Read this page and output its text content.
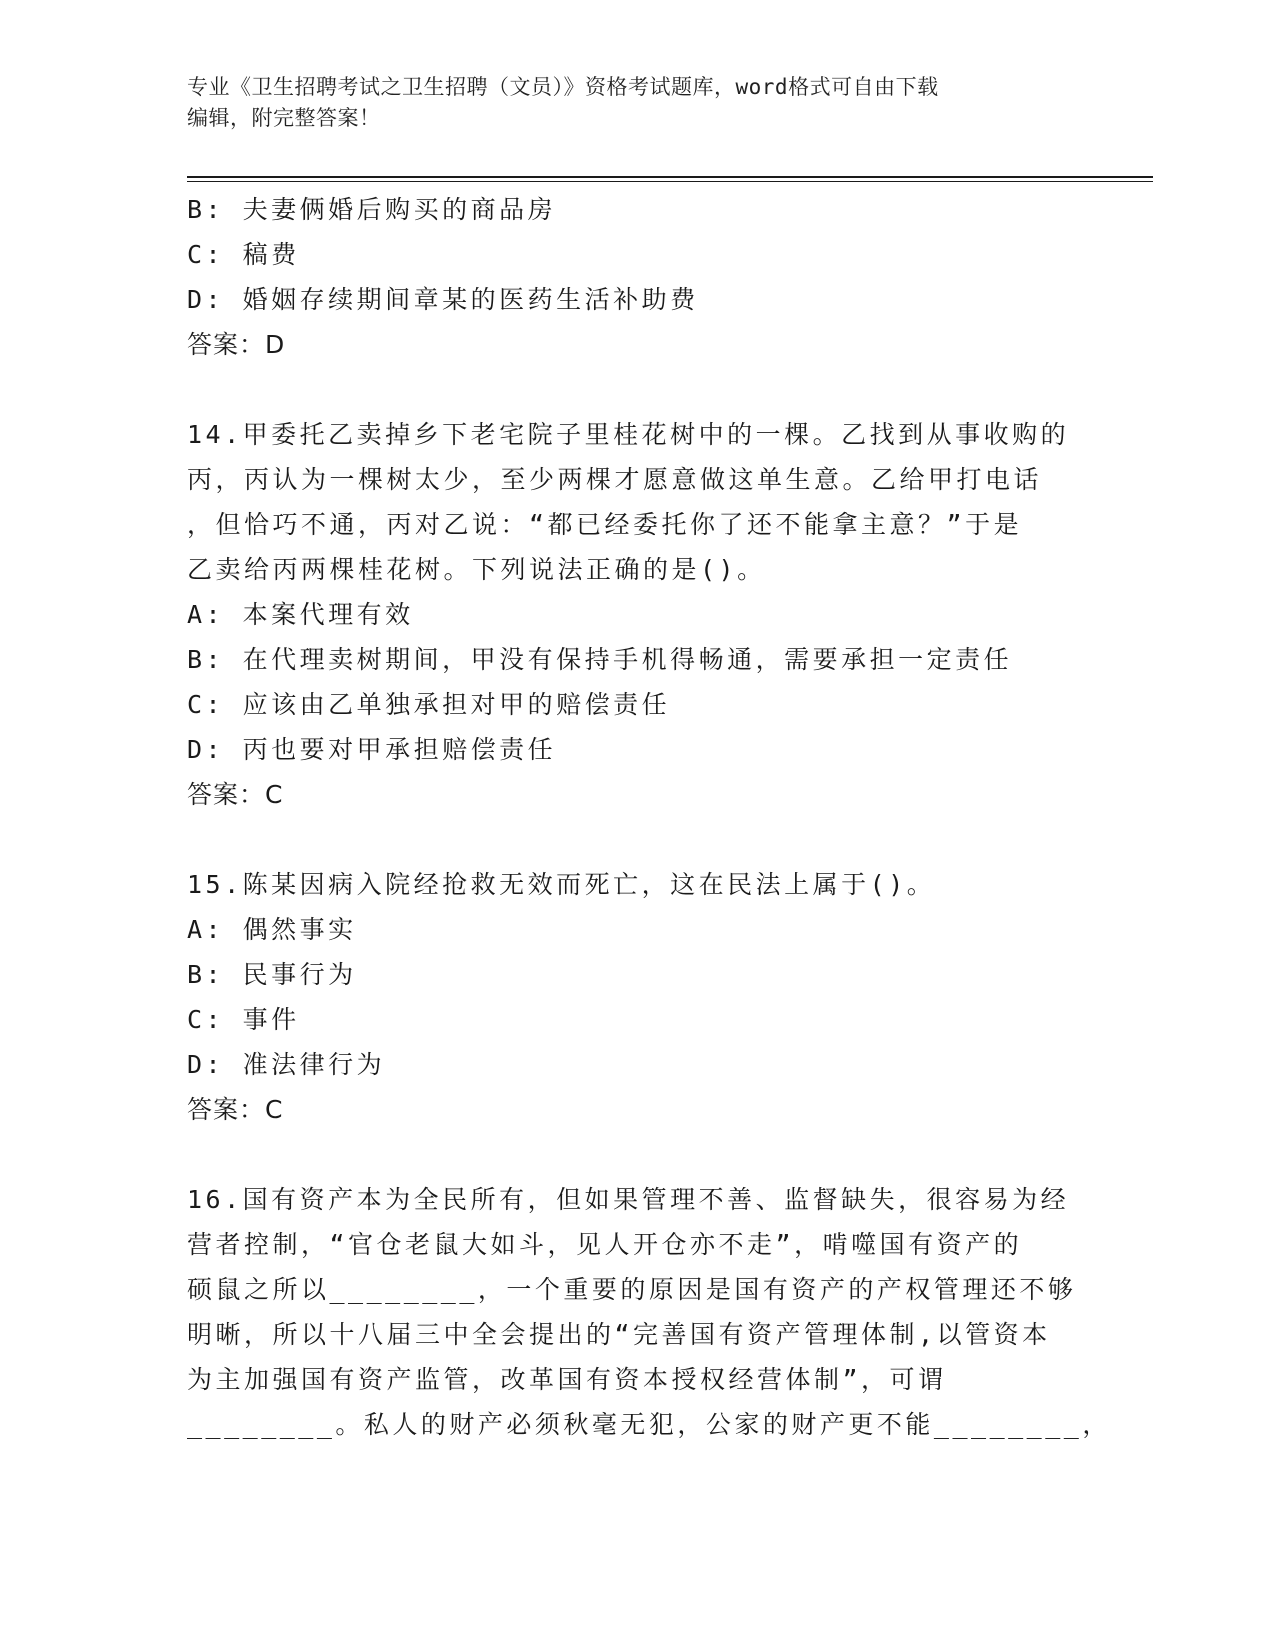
专业《卫生招聘考试之卫生招聘（文员）》资格考试题库，word格式可自由下载
编辑，附完整答案！
B: 夫妻俩婚后购买的商品房
C: 稿费
D: 婚姻存续期间章某的医药生活补助费
答案：D
14.甲委托乙卖掉乡下老宅院子里桂花树中的一棵。乙找到从事收购的
丙，丙认为一棵树太少，至少两棵才愿意做这单生意。乙给甲打电话
，但恰巧不通，丙对乙说：“都已经委托你了还不能拿主意？”于是
乙卖给丙两棵桂花树。下列说法正确的是()。
A: 本案代理有效
B: 在代理卖树期间，甲没有保持手机得畅通，需要承担一定责任
C: 应该由乙单独承担对甲的赔偿责任
D: 丙也要对甲承担赔偿责任
答案：C
15.陈某因病入院经抢救无效而死亡，这在民法上属于()。
A: 偶然事实
B: 民事行为
C: 事件
D: 准法律行为
答案：C
16.国有资产本为全民所有，但如果管理不善、监督缺失，很容易为经
营者控制，“官仓老鼠大如斗，见人开仓亦不走”，啃噬国有资产的
硕鼠之所以________，一个重要的原因是国有资产的产权管理还不够
明晰，所以十八届三中全会提出的“完善国有资产管理体制,以管资本
为主加强国有资产监管，改革国有资本授权经营体制”，可谓
________。私人的财产必须秋毫无犯，公家的财产更不能________，
